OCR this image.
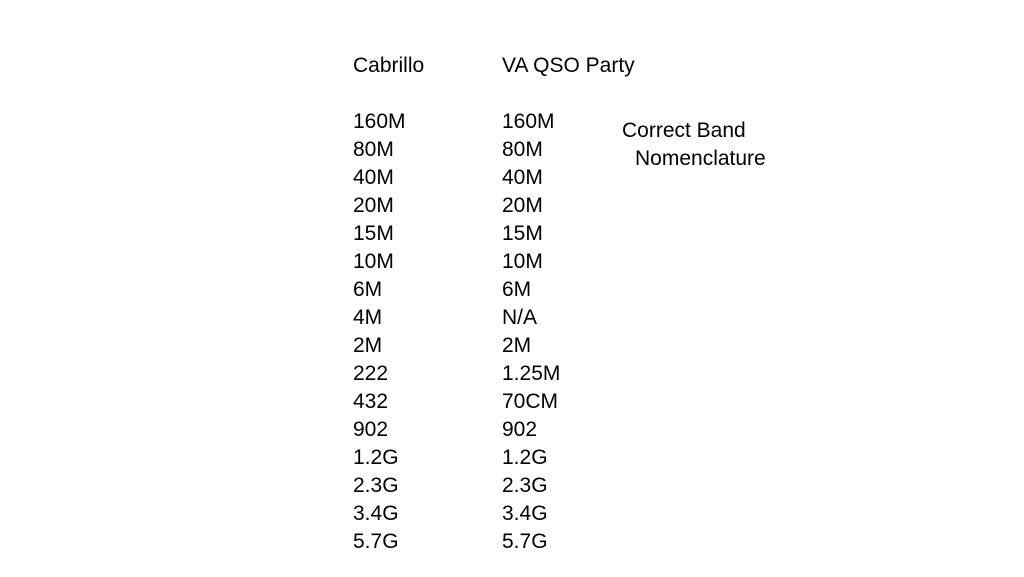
Cabrillo
160M
80M
40M
20M
15M
10M
6M
4M
2M
222
432
902
1.2G
2.3G
3.4G
5.7G
VA QSO Party
160M
80M
40M
20M
15M
10M
6M
N/A
2M
1.25M
70CM
902
1.2G
2.3G
3.4G
5.7G
Correct Band
Nomenclature
